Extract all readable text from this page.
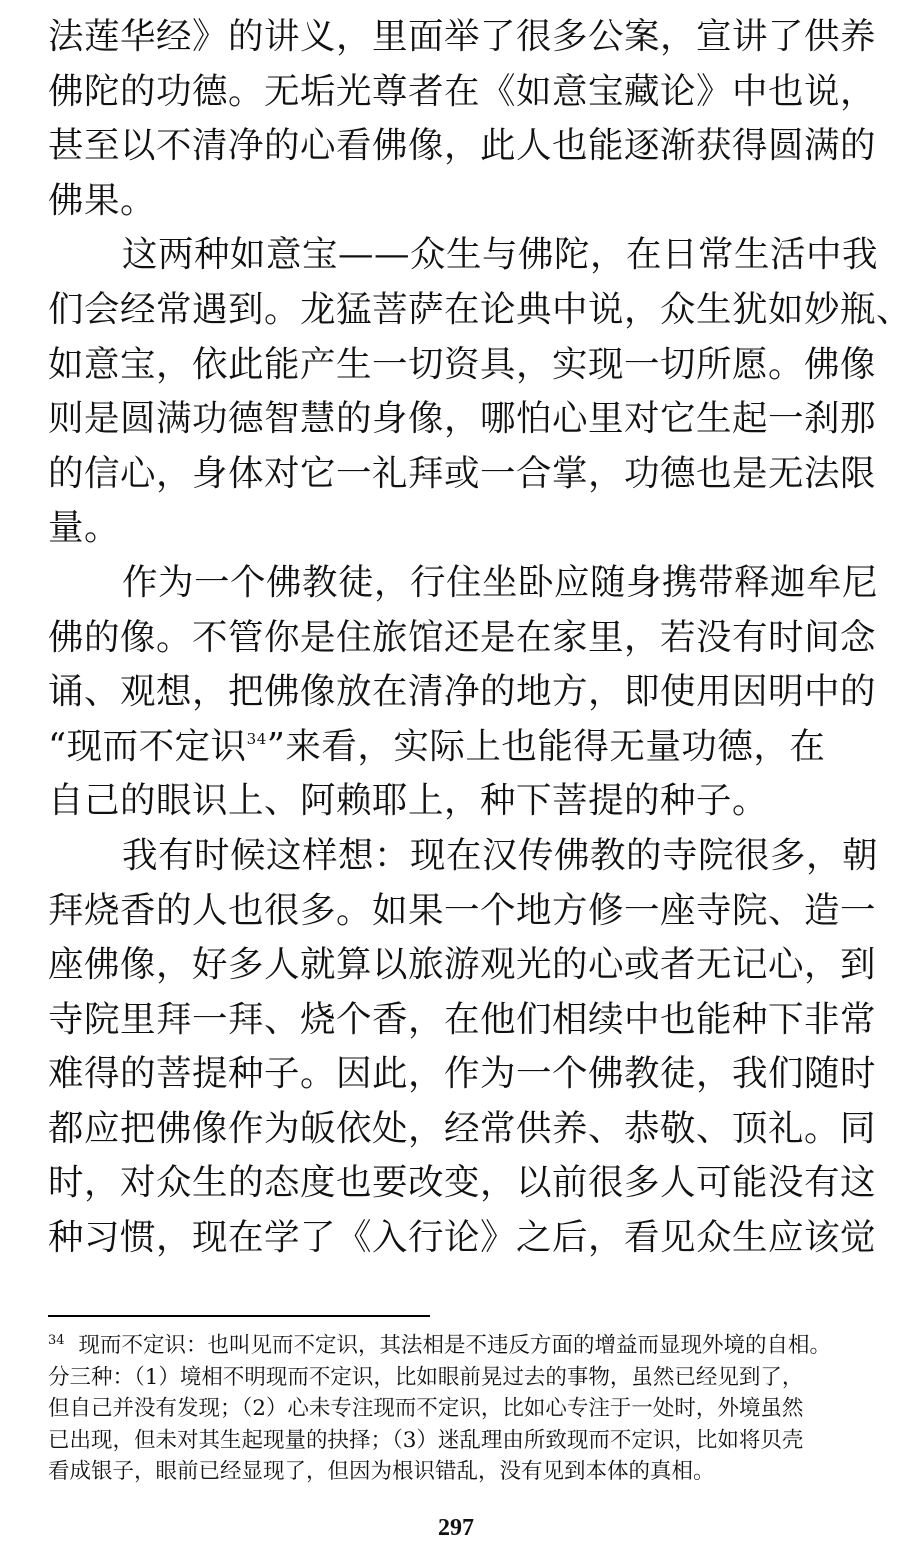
法莲华经》的讲义，里面举了很多公案，宣讲了供养
佛陀的功德。无垢光尊者在《如意宝藏论》中也说，
甚至以不清净的心看佛像，此人也能逐渐获得圆满的
佛果。
这两种如意宝——众生与佛陀，在日常生活中我
们会经常遇到。龙猛菩萨在论典中说，众生犹如妙瓶、
如意宝，依此能产生一切资具，实现一切所愿。佛像
则是圆满功德智慧的身像，哪怕心里对它生起一刹那
的信心，身体对它一礼拜或一合掌，功德也是无法限
量。
作为一个佛教徒，行住坐卧应随身携带释迦牟尼
佛的像。不管你是住旅馆还是在家里，若没有时间念
诵、观想，把佛像放在清净的地方，即使用因明中的
“现而不定识$^{34}$”来看，实际上也能得无量功德，在
自己的眼识上、阿赖耶上，种下菩提的种子。
我有时候这样想：现在汉传佛教的寺院很多，朝
拜烧香的人也很多。如果一个地方修一座寺院、造一
座佛像，好多人就算以旅游观光的心或者无记心，到
寺院里拜一拜、烧个香，在他们相续中也能种下非常
难得的菩提种子。因此，作为一个佛教徒，我们随时
都应把佛像作为皈依处，经常供养、恭敬、顶礼。同
时，对众生的态度也要改变，以前很多人可能没有这
种习惯，现在学了《入行论》之后，看见众生应该觉
$^{34}$ 现而不定识：也叫见而不定识，其法相是不违反方面的增益而显现外境的自相。
分三种：（1）境相不明现而不定识，比如眼前晃过去的事物，虽然已经见到了，
但自己并没有发现；（2）心未专注现而不定识，比如心专注于一处时，外境虽然
已出现，但未对其生起现量的抉择；（3）迷乱理由所致现而不定识，比如将贝壳
看成银子，眼前已经显现了，但因为根识错乱，没有见到本体的真相。
297
